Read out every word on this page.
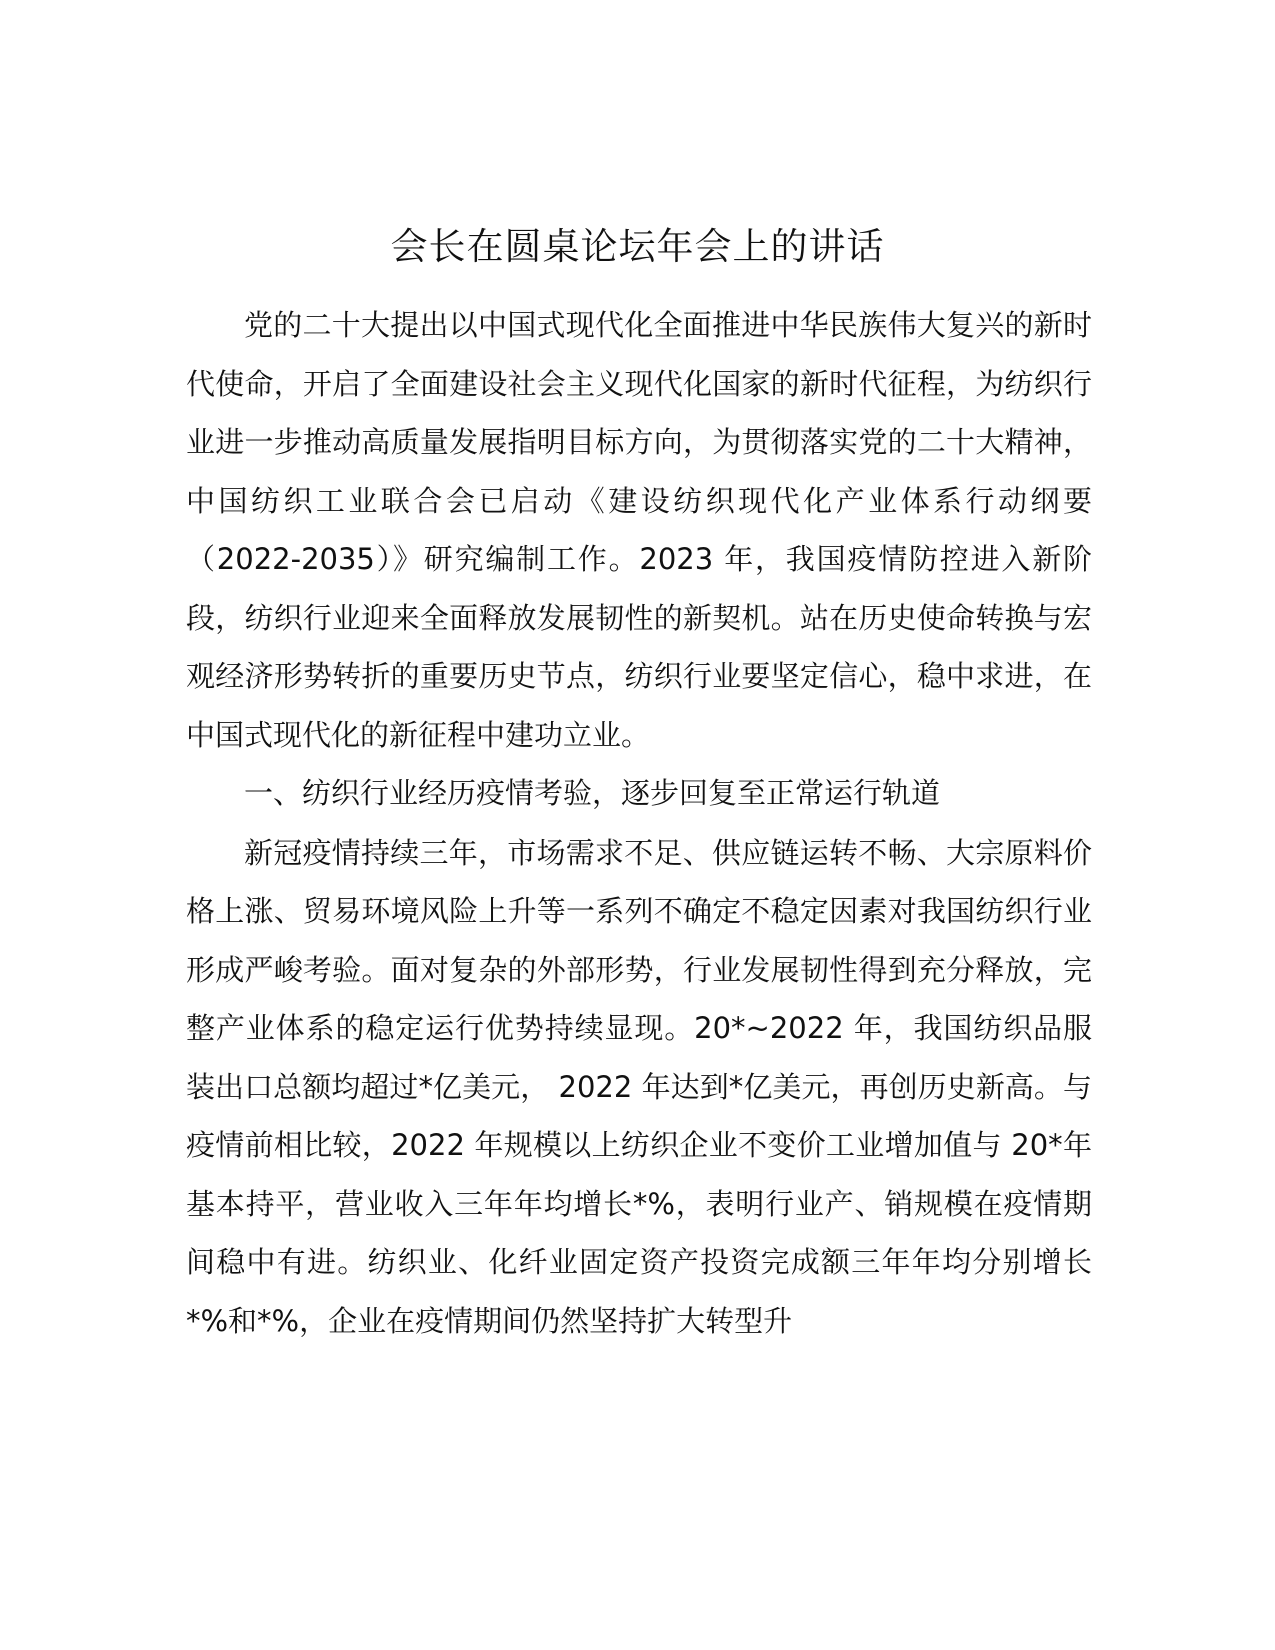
会长在圆桌论坛年会上的讲话

党的二十大提出以中国式现代化全面推进中华民族伟大复兴的新时代使命，开启了全面建设社会主义现代化国家的新时代征程，为纺织行业进一步推动高质量发展指明目标方向，为贯彻落实党的二十大精神，中国纺织工业联合会已启动《建设纺织现代化产业体系行动纲要（2022-2035）》研究编制工作。2023 年，我国疫情防控进入新阶段，纺织行业迎来全面释放发展韧性的新契机。站在历史使命转换与宏观经济形势转折的重要历史节点，纺织行业要坚定信心，稳中求进，在中国式现代化的新征程中建功立业。

一、纺织行业经历疫情考验，逐步回复至正常运行轨道

新冠疫情持续三年，市场需求不足、供应链运转不畅、大宗原料价格上涨、贸易环境风险上升等一系列不确定不稳定因素对我国纺织行业形成严峻考验。面对复杂的外部形势，行业发展韧性得到充分释放，完整产业体系的稳定运行优势持续显现。20*~2022 年，我国纺织品服装出口总额均超过*亿美元， 2022 年达到*亿美元，再创历史新高。与疫情前相比较，2022 年规模以上纺织企业不变价工业增加值与 20*年基本持平，营业收入三年年均增长*%，表明行业产、销规模在疫情期间稳中有进。纺织业、化纤业固定资产投资完成额三年年均分别增长*%和*%，企业在疫情期间仍然坚持扩大转型升
